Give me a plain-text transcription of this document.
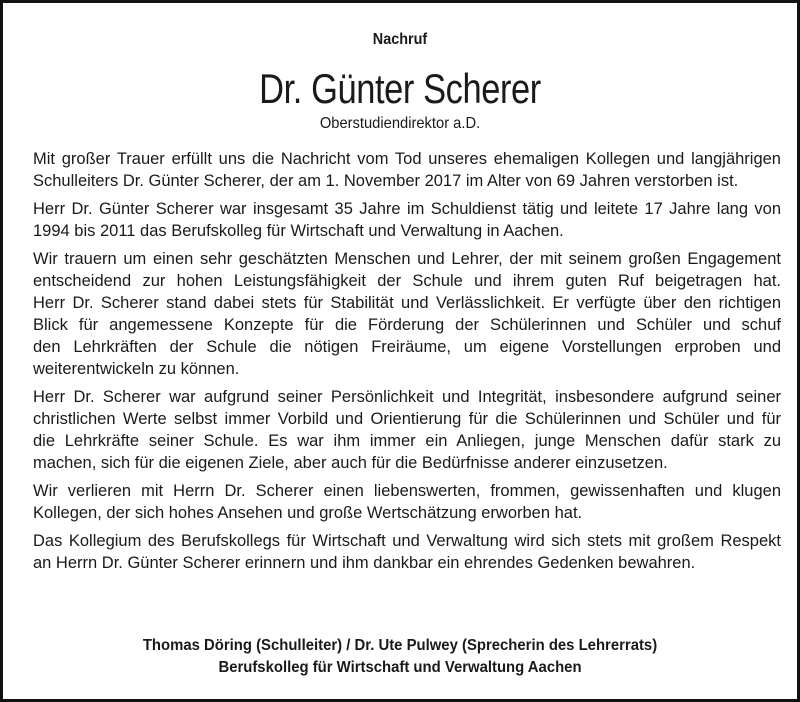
Nachruf
Dr. Günter Scherer
Oberstudiendirektor a.D.
Mit großer Trauer erfüllt uns die Nachricht vom Tod unseres ehemaligen Kollegen und langjährigen
Schulleiters Dr. Günter Scherer, der am 1. November 2017 im Alter von 69 Jahren verstorben ist.
Herr Dr. Günter Scherer war insgesamt 35 Jahre im Schuldienst tätig und leitete 17 Jahre lang von
1994 bis 2011 das Berufskolleg für Wirtschaft und Verwaltung in Aachen.
Wir trauern um einen sehr geschätzten Menschen und Lehrer, der mit seinem großen Engagement
entscheidend zur hohen Leistungsfähigkeit der Schule und ihrem guten Ruf beigetragen hat.
Herr Dr. Scherer stand dabei stets für Stabilität und Verlässlichkeit. Er verfügte über den richtigen
Blick für angemessene Konzepte für die Förderung der Schülerinnen und Schüler und schuf
den Lehrkräften der Schule die nötigen Freiräume, um eigene Vorstellungen erproben und
weiterentwickeln zu können.
Herr Dr. Scherer war aufgrund seiner Persönlichkeit und Integrität, insbesondere aufgrund seiner
christlichen Werte selbst immer Vorbild und Orientierung für die Schülerinnen und Schüler und für
die Lehrkräfte seiner Schule. Es war ihm immer ein Anliegen, junge Menschen dafür stark zu
machen, sich für die eigenen Ziele, aber auch für die Bedürfnisse anderer einzusetzen.
Wir verlieren mit Herrn Dr. Scherer einen liebenswerten, frommen, gewissenhaften und klugen
Kollegen, der sich hohes Ansehen und große Wertschätzung erworben hat.
Das Kollegium des Berufskollegs für Wirtschaft und Verwaltung wird sich stets mit großem Respekt
an Herrn Dr. Günter Scherer erinnern und ihm dankbar ein ehrendes Gedenken bewahren.
Thomas Döring (Schulleiter) / Dr. Ute Pulwey (Sprecherin des Lehrerrats)
Berufskolleg für Wirtschaft und Verwaltung Aachen
